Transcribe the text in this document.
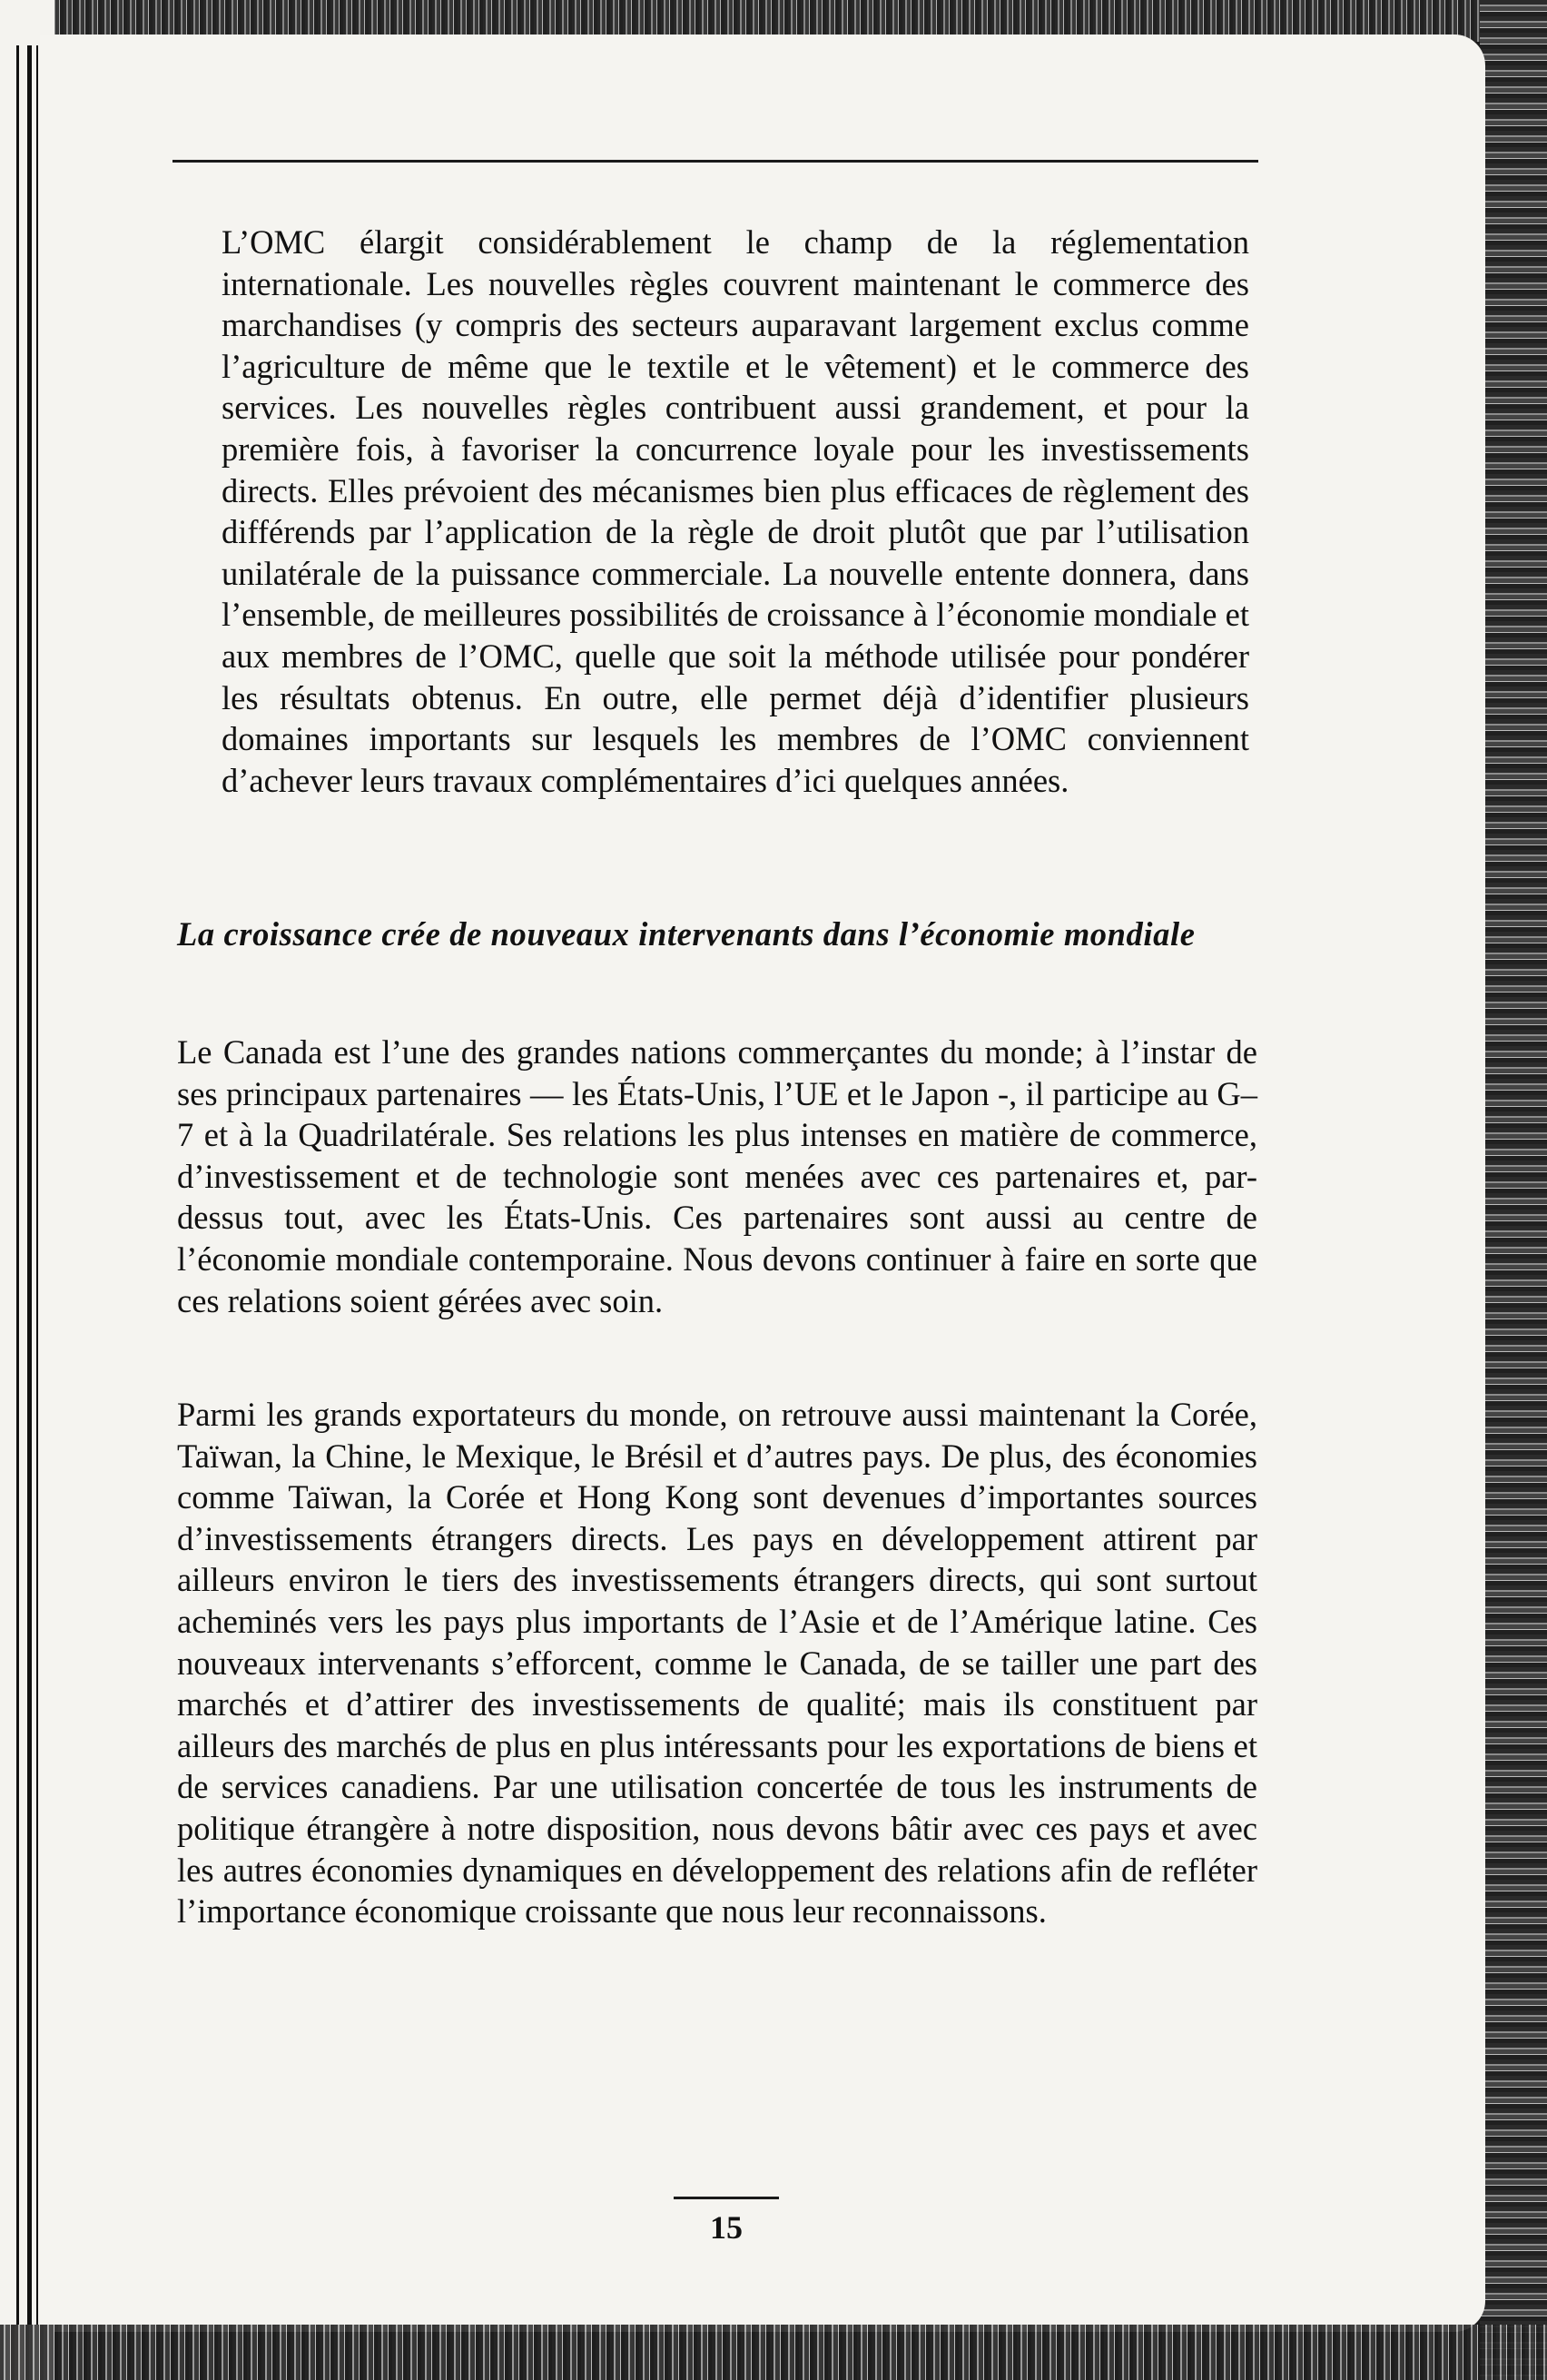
L’OMC élargit considérablement le champ de la réglementation internationale. Les nouvelles règles couvrent maintenant le commerce des marchandises (y compris des secteurs auparavant largement exclus comme l’agriculture de même que le textile et le vêtement) et le commerce des services. Les nouvelles règles contribuent aussi grandement, et pour la première fois, à favoriser la concurrence loyale pour les investissements directs. Elles prévoient des mécanismes bien plus efficaces de règlement des différends par l’application de la règle de droit plutôt que par l’utilisation unilatérale de la puissance commerciale. La nouvelle entente donnera, dans l’ensemble, de meilleures possibilités de croissance à l’économie mondiale et aux membres de l’OMC, quelle que soit la méthode utilisée pour pondérer les résultats obtenus. En outre, elle permet déjà d’identifier plusieurs domaines importants sur lesquels les membres de l’OMC conviennent d’achever leurs travaux complémentaires d’ici quelques années.

La croissance crée de nouveaux intervenants dans l’économie mondiale

Le Canada est l’une des grandes nations commerçantes du monde; à l’instar de ses principaux partenaires — les États-Unis, l’UE et le Japon -, il participe au G–7 et à la Quadrilatérale. Ses relations les plus intenses en matière de commerce, d’investissement et de technologie sont menées avec ces partenaires et, par-dessus tout, avec les États-Unis. Ces partenaires sont aussi au centre de l’économie mondiale contemporaine. Nous devons continuer à faire en sorte que ces relations soient gérées avec soin.

Parmi les grands exportateurs du monde, on retrouve aussi maintenant la Corée, Taïwan, la Chine, le Mexique, le Brésil et d’autres pays. De plus, des économies comme Taïwan, la Corée et Hong Kong sont devenues d’importantes sources d’investissements étrangers directs. Les pays en développement attirent par ailleurs environ le tiers des investissements étrangers directs, qui sont surtout acheminés vers les pays plus importants de l’Asie et de l’Amérique latine. Ces nouveaux intervenants s’efforcent, comme le Canada, de se tailler une part des marchés et d’attirer des investissements de qualité; mais ils constituent par ailleurs des marchés de plus en plus intéressants pour les exportations de biens et de services canadiens. Par une utilisation concertée de tous les instruments de politique étrangère à notre disposition, nous devons bâtir avec ces pays et avec les autres économies dynamiques en développement des relations afin de refléter l’importance économique croissante que nous leur reconnaissons.

15
